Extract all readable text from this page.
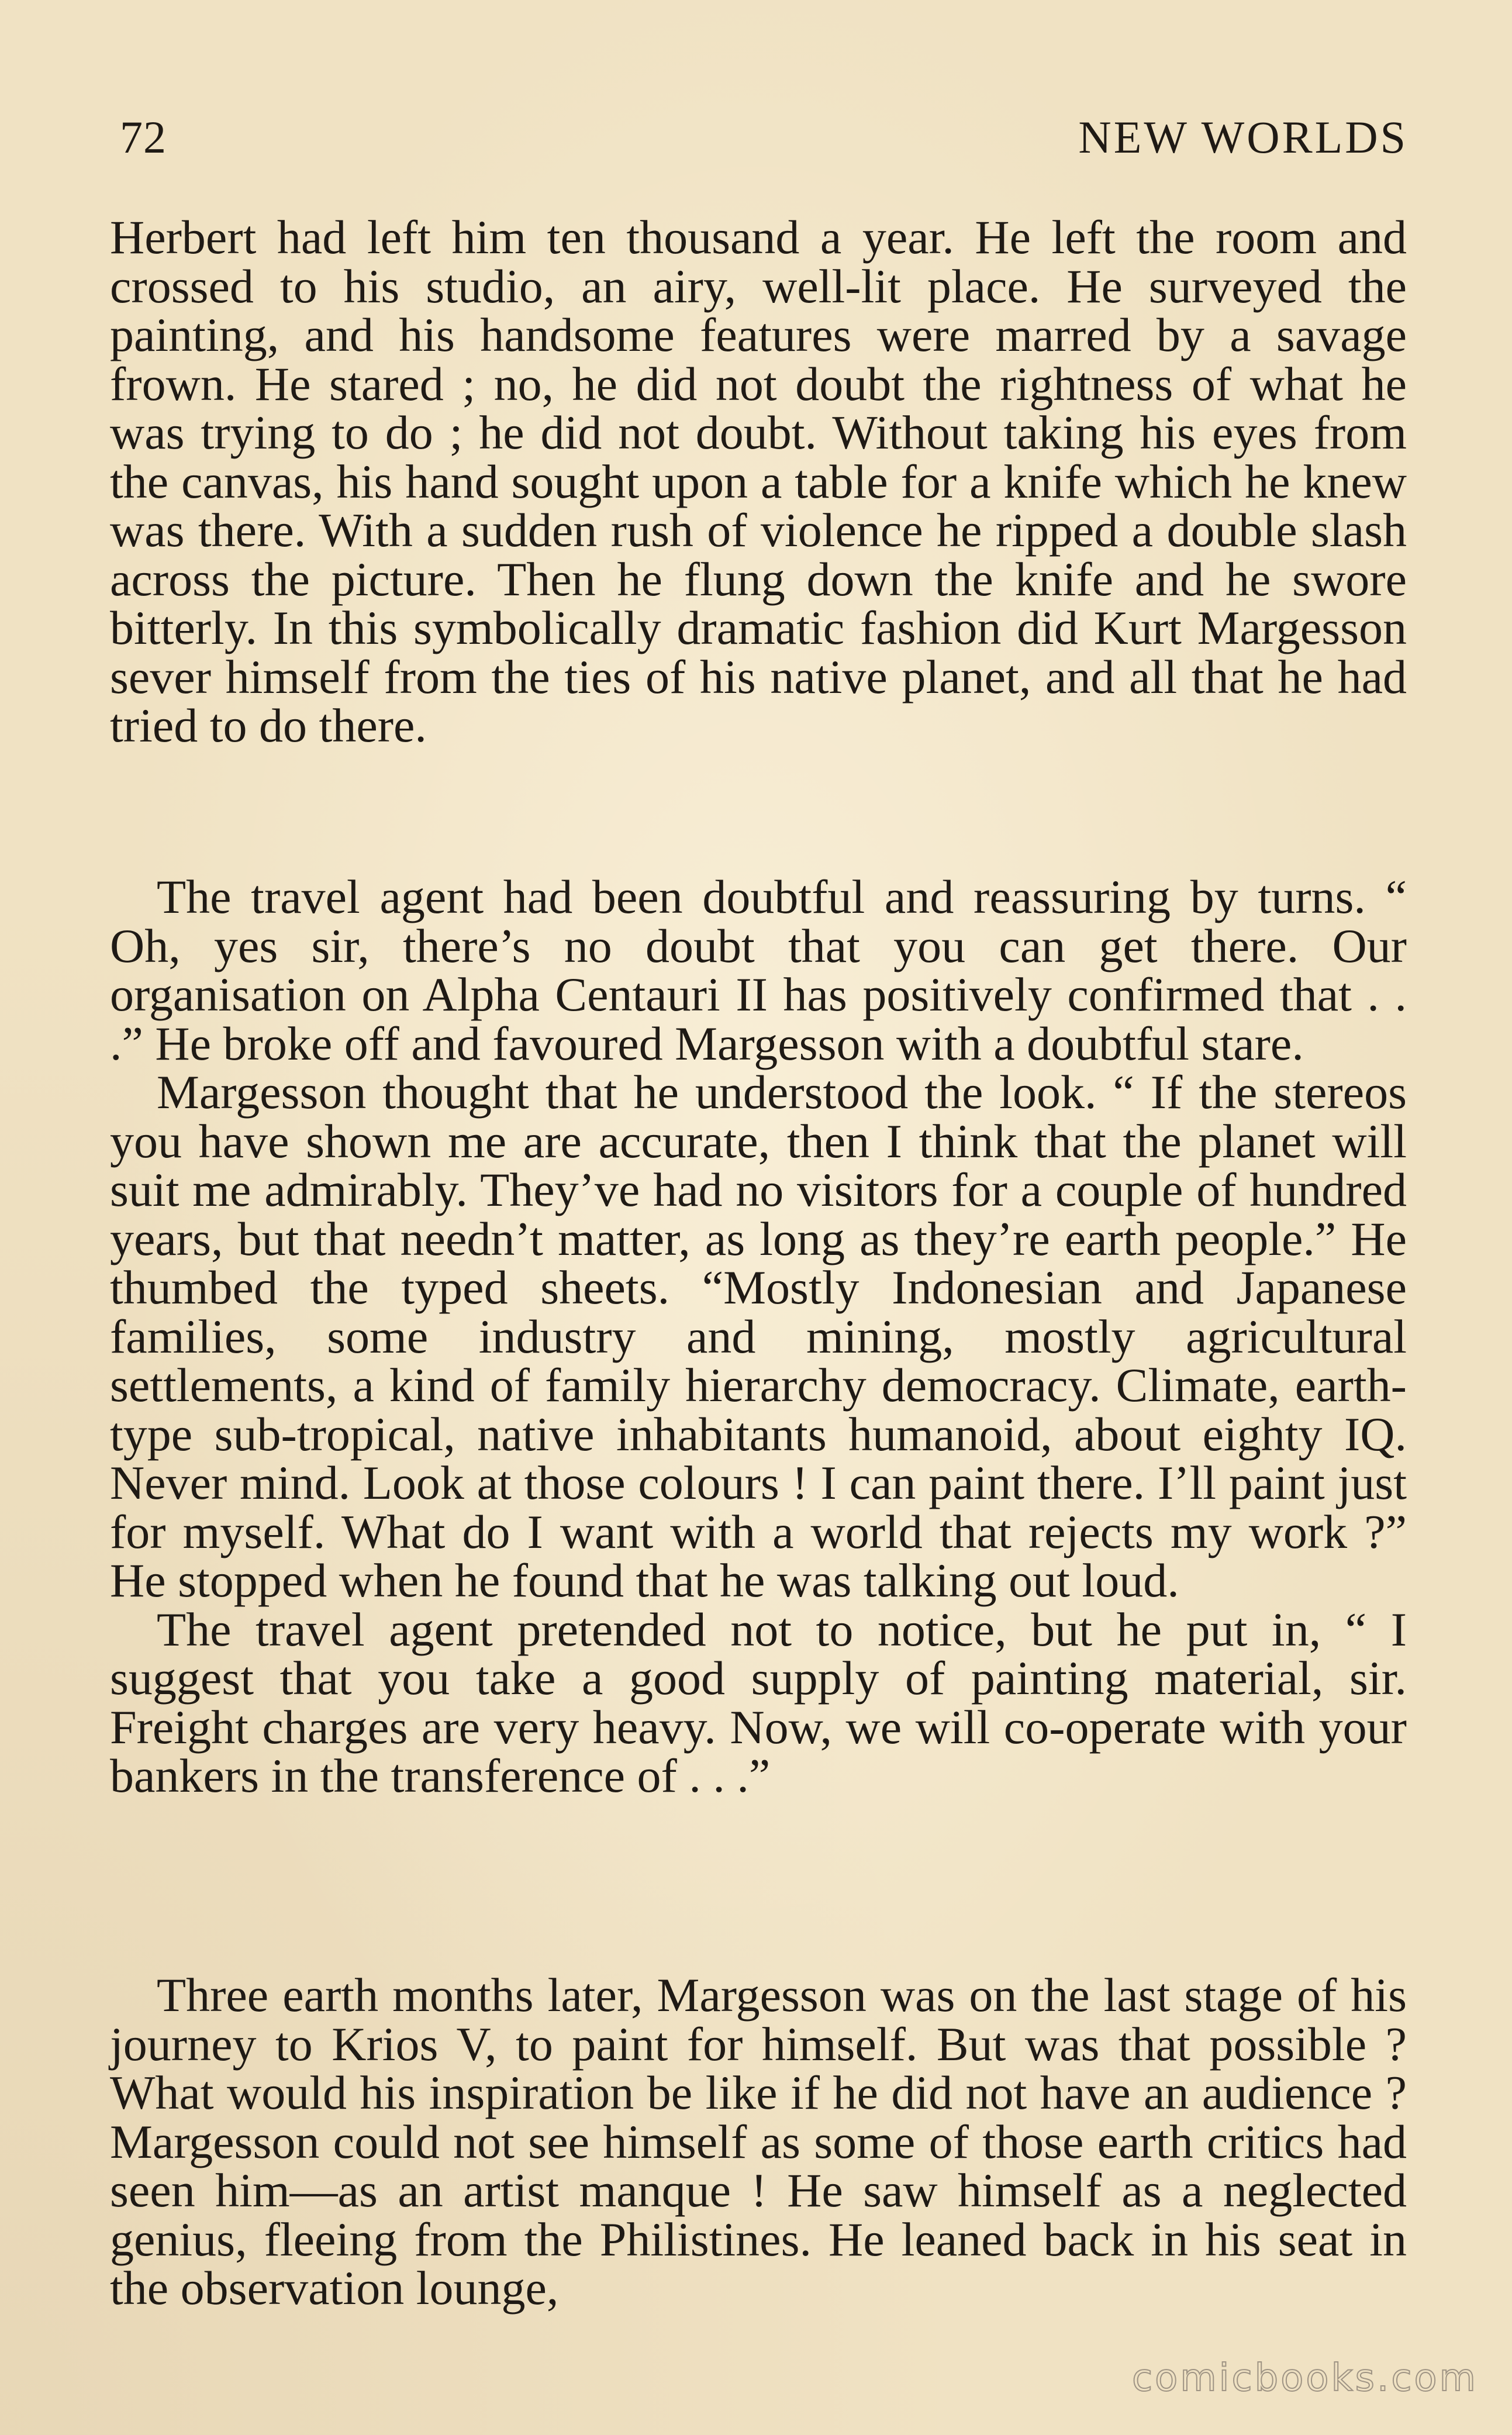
72	NEW WORLDS

Herbert had left him ten thousand a year. He left the room and crossed to his studio, an airy, well-lit place. He surveyed the painting, and his handsome features were marred by a savage frown. He stared ; no, he did not doubt the rightness of what he was trying to do ; he did not doubt. Without taking his eyes from the canvas, his hand sought upon a table for a knife which he knew was there. With a sudden rush of violence he ripped a double slash across the picture. Then he flung down the knife and he swore bitterly. In this symbolically dramatic fashion did Kurt Margesson sever himself from the ties of his native planet, and all that he had tried to do there.

The travel agent had been doubtful and reassuring by turns. “ Oh, yes sir, there’s no doubt that you can get there. Our organisation on Alpha Centauri II has positively confirmed that . . .” He broke off and favoured Margesson with a doubtful stare.

Margesson thought that he understood the look. “ If the stereos you have shown me are accurate, then I think that the planet will suit me admirably. They’ve had no visitors for a couple of hundred years, but that needn’t matter, as long as they’re earth people.” He thumbed the typed sheets. “Mostly Indonesian and Japanese families, some industry and mining, mostly agricultural settlements, a kind of family hierarchy democracy. Climate, earth-type sub-tropical, native inhabitants humanoid, about eighty IQ. Never mind. Look at those colours ! I can paint there. I’ll paint just for myself. What do I want with a world that rejects my work ?” He stopped when he found that he was talking out loud.

The travel agent pretended not to notice, but he put in, “ I suggest that you take a good supply of painting material, sir. Freight charges are very heavy. Now, we will co-operate with your bankers in the transference of . . .”

Three earth months later, Margesson was on the last stage of his journey to Krios V, to paint for himself. But was that possible ? What would his inspiration be like if he did not have an audience ? Margesson could not see himself as some of those earth critics had seen him—as an artist manque ! He saw himself as a neglected genius, fleeing from the Philistines. He leaned back in his seat in the observation lounge,

comicbooks.com
